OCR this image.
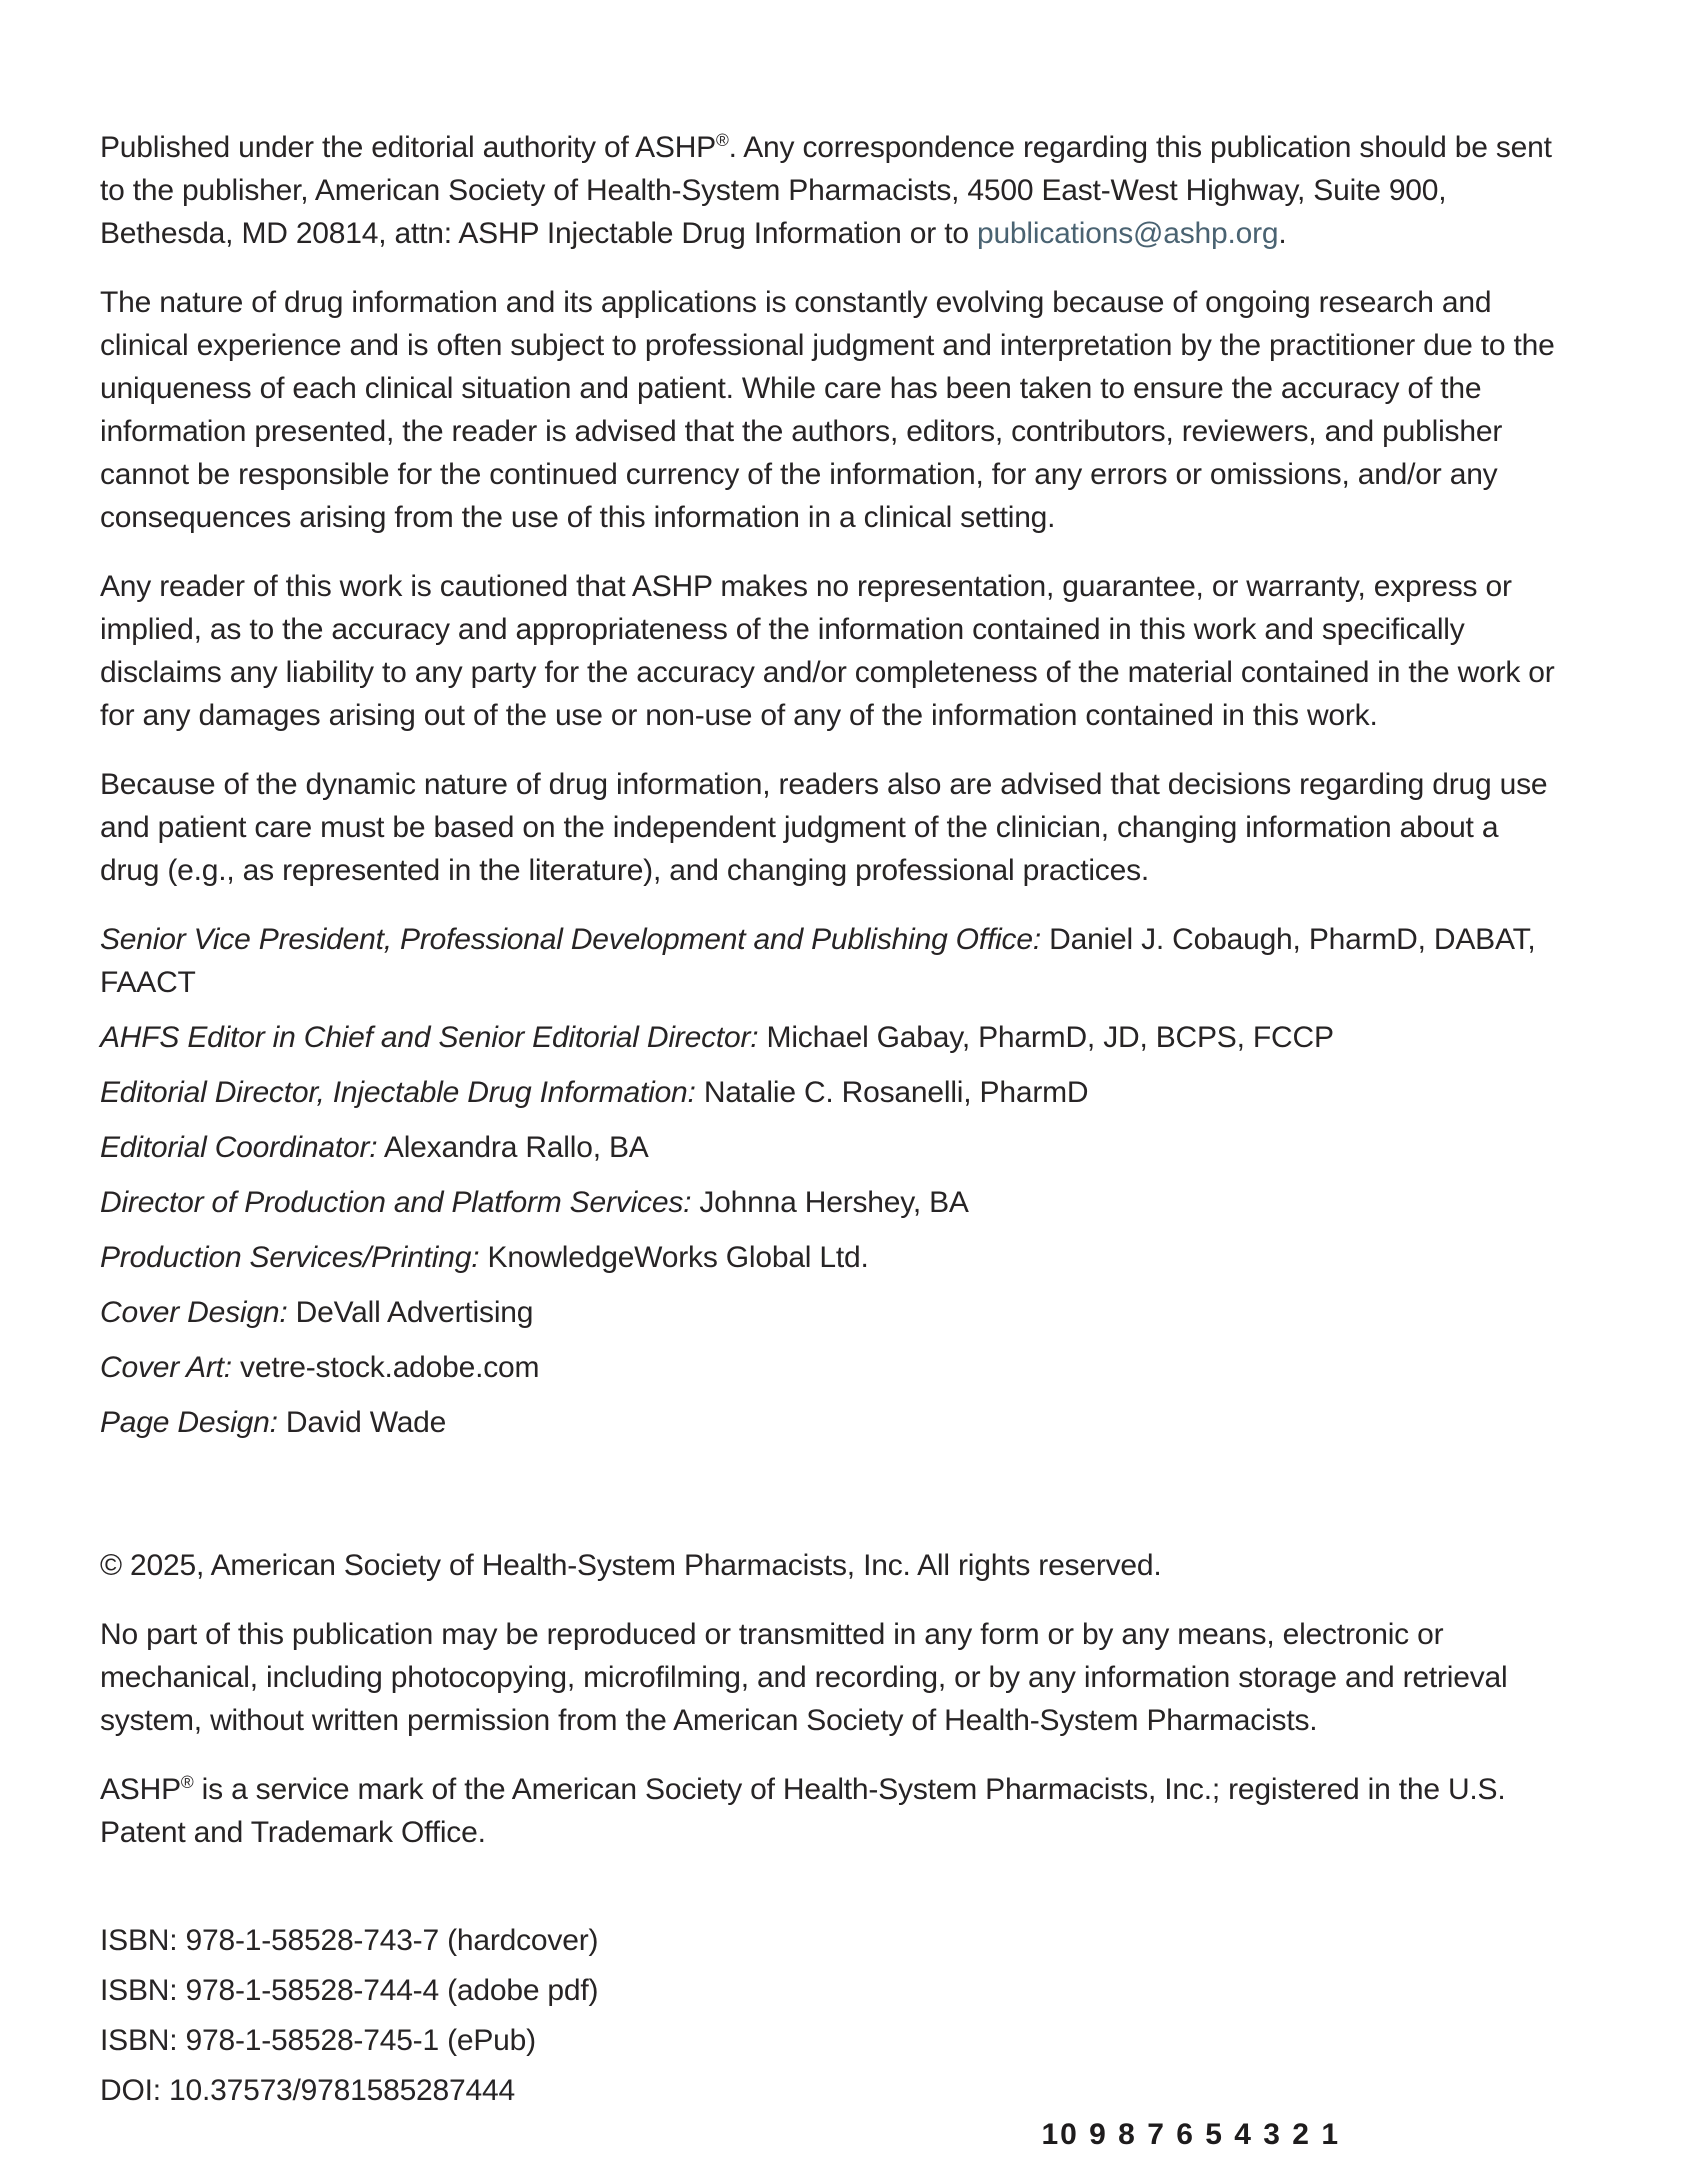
Published under the editorial authority of ASHP®. Any correspondence regarding this publication should be sent to the publisher, American Society of Health-System Pharmacists, 4500 East-West Highway, Suite 900, Bethesda, MD 20814, attn: ASHP Injectable Drug Information or to publications@ashp.org.

The nature of drug information and its applications is constantly evolving because of ongoing research and clinical experience and is often subject to professional judgment and interpretation by the practitioner due to the uniqueness of each clinical situation and patient. While care has been taken to ensure the accuracy of the information presented, the reader is advised that the authors, editors, contributors, reviewers, and publisher cannot be responsible for the continued currency of the information, for any errors or omissions, and/or any consequences arising from the use of this information in a clinical setting.

Any reader of this work is cautioned that ASHP makes no representation, guarantee, or warranty, express or implied, as to the accuracy and appropriateness of the information contained in this work and specifically disclaims any liability to any party for the accuracy and/or completeness of the material contained in the work or for any damages arising out of the use or non-use of any of the information contained in this work.

Because of the dynamic nature of drug information, readers also are advised that decisions regarding drug use and patient care must be based on the independent judgment of the clinician, changing information about a drug (e.g., as represented in the literature), and changing professional practices.

Senior Vice President, Professional Development and Publishing Office: Daniel J. Cobaugh, PharmD, DABAT, FAACT

AHFS Editor in Chief and Senior Editorial Director: Michael Gabay, PharmD, JD, BCPS, FCCP

Editorial Director, Injectable Drug Information: Natalie C. Rosanelli, PharmD

Editorial Coordinator: Alexandra Rallo, BA

Director of Production and Platform Services: Johnna Hershey, BA

Production Services/Printing: KnowledgeWorks Global Ltd.

Cover Design: DeVall Advertising

Cover Art: vetre-stock.adobe.com

Page Design: David Wade

© 2025, American Society of Health-System Pharmacists, Inc. All rights reserved.

No part of this publication may be reproduced or transmitted in any form or by any means, electronic or mechanical, including photocopying, microfilming, and recording, or by any information storage and retrieval system, without written permission from the American Society of Health-System Pharmacists.

ASHP® is a service mark of the American Society of Health-System Pharmacists, Inc.; registered in the U.S. Patent and Trademark Office.

ISBN: 978-1-58528-743-7 (hardcover)

ISBN: 978-1-58528-744-4 (adobe pdf)

ISBN: 978-1-58528-745-1 (ePub)

DOI: 10.37573/9781585287444

10 9 8 7 6 5 4 3 2 1
